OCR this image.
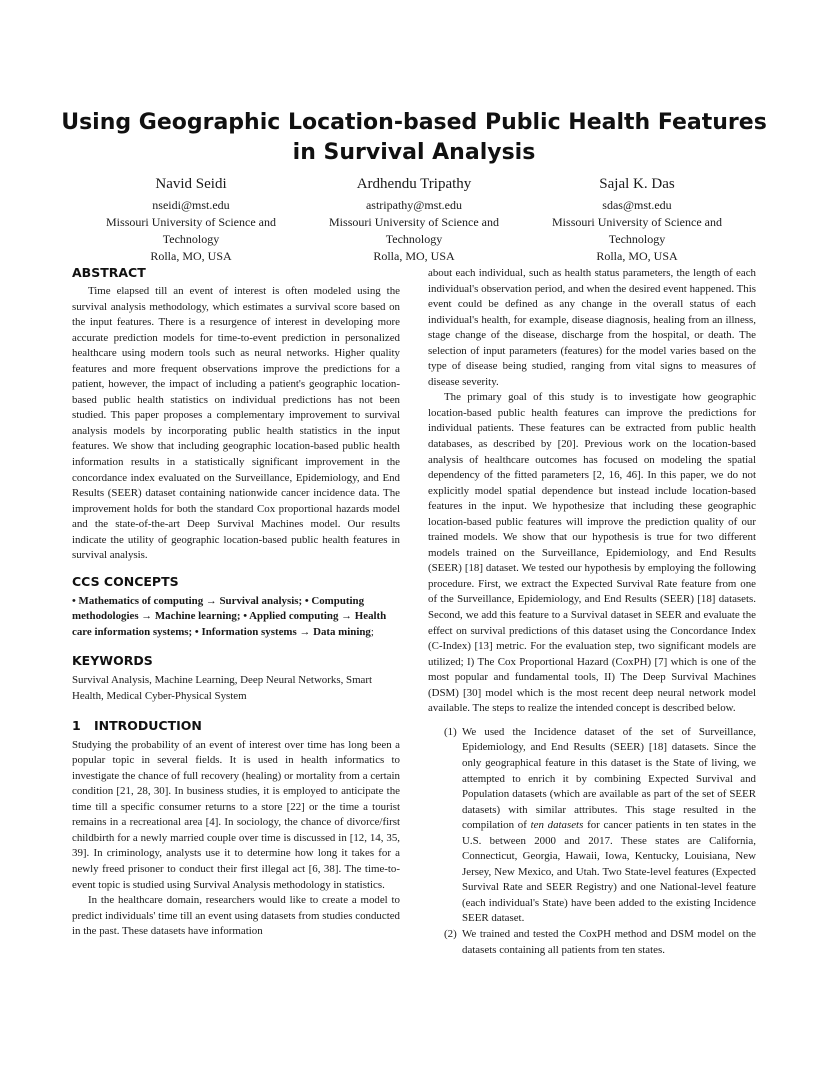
Using Geographic Location-based Public Health Features in Survival Analysis
Navid Seidi
nseidi@mst.edu
Missouri University of Science and
Technology
Rolla, MO, USA
Ardhendu Tripathy
astripathy@mst.edu
Missouri University of Science and
Technology
Rolla, MO, USA
Sajal K. Das
sdas@mst.edu
Missouri University of Science and
Technology
Rolla, MO, USA
ABSTRACT

Time elapsed till an event of interest is often modeled using the survival analysis methodology, which estimates a survival score based on the input features. There is a resurgence of interest in developing more accurate prediction models for time-to-event prediction in personalized healthcare using modern tools such as neural networks. Higher quality features and more frequent observations improve the predictions for a patient, however, the impact of including a patient's geographic location-based public health statistics on individual predictions has not been studied. This paper proposes a complementary improvement to survival analysis models by incorporating public health statistics in the input features. We show that including geographic location-based public health information results in a statistically significant improvement in the concordance index evaluated on the Surveillance, Epidemiology, and End Results (SEER) dataset containing nationwide cancer incidence data. The improvement holds for both the standard Cox proportional hazards model and the state-of-the-art Deep Survival Machines model. Our results indicate the utility of geographic location-based public health features in survival analysis.

CCS CONCEPTS

• Mathematics of computing → Survival analysis; • Computing methodologies → Machine learning; • Applied computing → Health care information systems; • Information systems → Data mining;

KEYWORDS

Survival Analysis, Machine Learning, Deep Neural Networks, Smart Health, Medical Cyber-Physical System

1 INTRODUCTION

Studying the probability of an event of interest over time has long been a popular topic in several fields. It is used in health informatics to investigate the chance of full recovery (healing) or mortality from a certain condition [21, 28, 30]. In business studies, it is employed to anticipate the time till a specific consumer returns to a store [22] or the time a tourist remains in a recreational area [4]. In sociology, the chance of divorce/first childbirth for a newly married couple over time is discussed in [12, 14, 35, 39]. In criminology, analysts use it to determine how long it takes for a newly freed prisoner to conduct their first illegal act [6, 38]. The time-to-event topic is studied using Survival Analysis methodology in statistics.

In the healthcare domain, researchers would like to create a model to predict individuals' time till an event using datasets from studies conducted in the past. These datasets have information

about each individual, such as health status parameters, the length of each individual's observation period, and when the desired event happened. This event could be defined as any change in the overall status of each individual's health, for example, disease diagnosis, healing from an illness, stage change of the disease, discharge from the hospital, or death. The selection of input parameters (features) for the model varies based on the type of disease being studied, ranging from vital signs to measures of disease severity.

The primary goal of this study is to investigate how geographic location-based public health features can improve the predictions for individual patients. These features can be extracted from public health databases, as described by [20]. Previous work on the location-based analysis of healthcare outcomes has focused on modeling the spatial dependency of the fitted parameters [2, 16, 46]. In this paper, we do not explicitly model spatial dependence but instead include location-based features in the input. We hypothesize that including these geographic location-based public features will improve the prediction quality of our trained models. We show that our hypothesis is true for two different models trained on the Surveillance, Epidemiology, and End Results (SEER) [18] dataset. We tested our hypothesis by employing the following procedure. First, we extract the Expected Survival Rate feature from one of the Surveillance, Epidemiology, and End Results (SEER) [18] datasets. Second, we add this feature to a Survival dataset in SEER and evaluate the effect on survival predictions of this dataset using the Concordance Index (C-Index) [13] metric. For the evaluation step, two significant models are utilized; I) The Cox Proportional Hazard (CoxPH) [7] which is one of the most popular and fundamental tools, II) The Deep Survival Machines (DSM) [30] model which is the most recent deep neural network model available. The steps to realize the intended concept is described below.

(1) We used the Incidence dataset of the set of Surveillance, Epidemiology, and End Results (SEER) [18] datasets. Since the only geographical feature in this dataset is the State of living, we attempted to enrich it by combining Expected Survival and Population datasets (which are available as part of the set of SEER datasets) with similar attributes. This stage resulted in the compilation of ten datasets for cancer patients in ten states in the U.S. between 2000 and 2017. These states are California, Connecticut, Georgia, Hawaii, Iowa, Kentucky, Louisiana, New Jersey, New Mexico, and Utah. Two State-level features (Expected Survival Rate and SEER Registry) and one National-level feature (each individual's State) have been added to the existing Incidence SEER dataset.
(2) We trained and tested the CoxPH method and DSM model on the datasets containing all patients from ten states.
